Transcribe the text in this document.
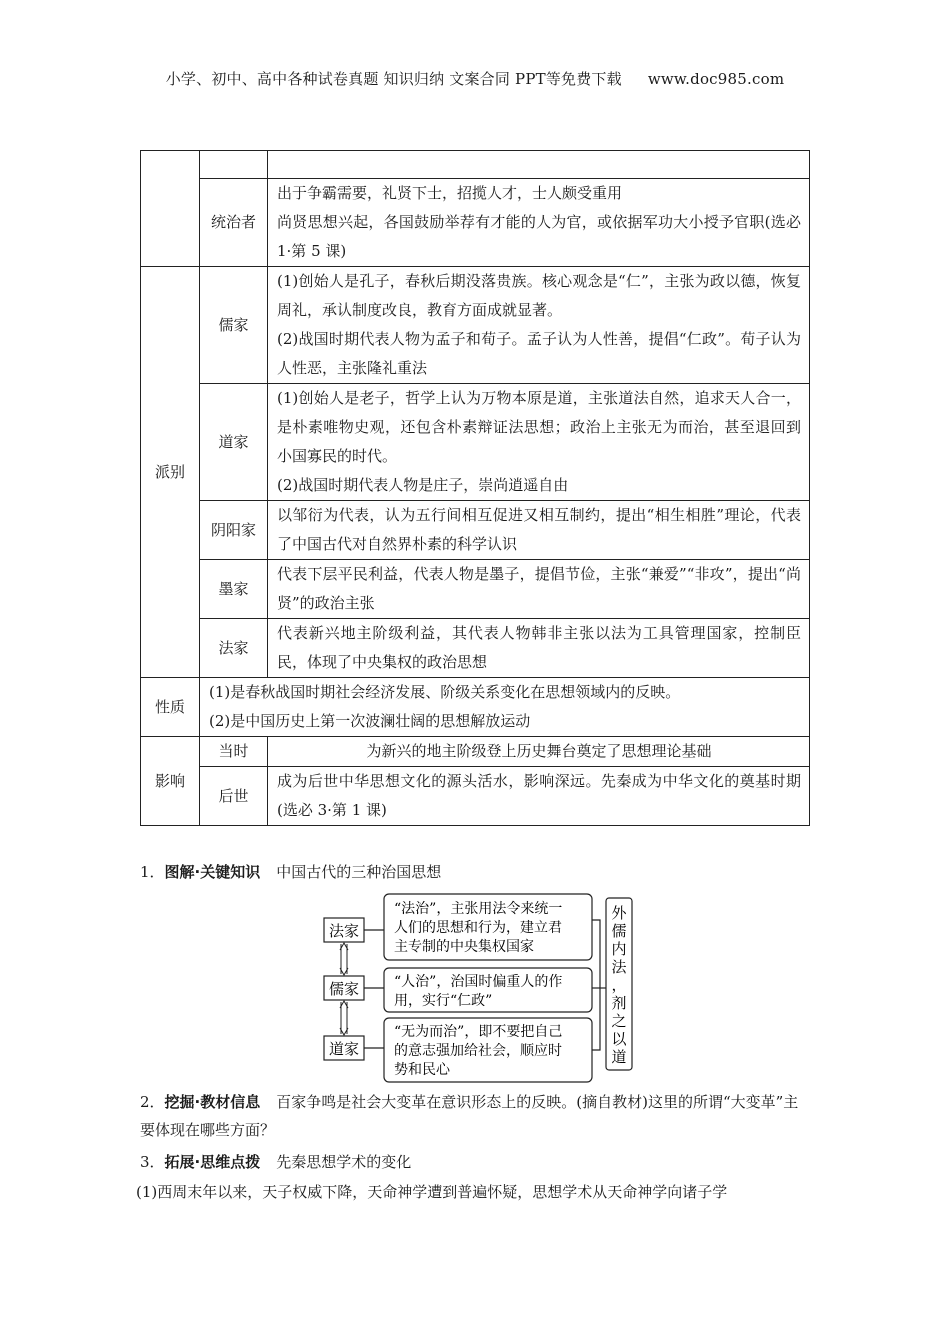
小学、初中、高中各种试卷真题 知识归纳 文案合同 PPT等免费下载 www.doc985.com

	统治者	出于争霸需要，礼贤下士，招揽人才，士人颇受重用
尚贤思想兴起，各国鼓励举荐有才能的人为官，或依据军功大小授予官职(选必 1·第 5 课)

派别	儒家	(1)创始人是孔子，春秋后期没落贵族。核心观念是“仁”，主张为政以德，恢复周礼，承认制度改良，教育方面成就显著。
(2)战国时期代表人物为孟子和荀子。孟子认为人性善，提倡“仁政”。荀子认为人性恶，主张隆礼重法

	道家	(1)创始人是老子，哲学上认为万物本原是道，主张道法自然，追求天人合一，是朴素唯物史观，还包含朴素辩证法思想；政治上主张无为而治，甚至退回到小国寡民的时代。
(2)战国时期代表人物是庄子，崇尚逍遥自由

	阴阳家	以邹衍为代表，认为五行间相互促进又相互制约，提出“相生相胜”理论，代表了中国古代对自然界朴素的科学认识

	墨家	代表下层平民利益，代表人物是墨子，提倡节俭，主张“兼爱”“非攻”，提出“尚贤”的政治主张

	法家	代表新兴地主阶级利益，其代表人物韩非主张以法为工具管理国家，控制臣民，体现了中央集权的政治思想

性质	(1)是春秋战国时期社会经济发展、阶级关系变化在思想领域内的反映。
(2)是中国历史上第一次波澜壮阔的思想解放运动	

影响	当时	为新兴的地主阶级登上历史舞台奠定了思想理论基础
	后世	成为后世中华思想文化的源头活水，影响深远。先秦成为中华文化的奠基时期(选必 3·第 1 课)
1．图解·关键知识 中国古代的三种治国思想
法家
儒家
道家
“法治”，主张用法令来统一
人们的思想和行为，建立君
主专制的中央集权国家
“人治”，治国时偏重人的作
用，实行“仁政”
“无为而治”，即不要把自己
的意志强加给社会，顺应时
势和民心
外
儒
内
法
，
剂
之
以
道
2．挖掘·教材信息 百家争鸣是社会大变革在意识形态上的反映。(摘自教材)这里的所谓“大变革”主要体现在哪些方面？
3．拓展·思维点拨 先秦思想学术的变化
(1)西周末年以来，天子权威下降，天命神学遭到普遍怀疑，思想学术从天命神学向诸子学
